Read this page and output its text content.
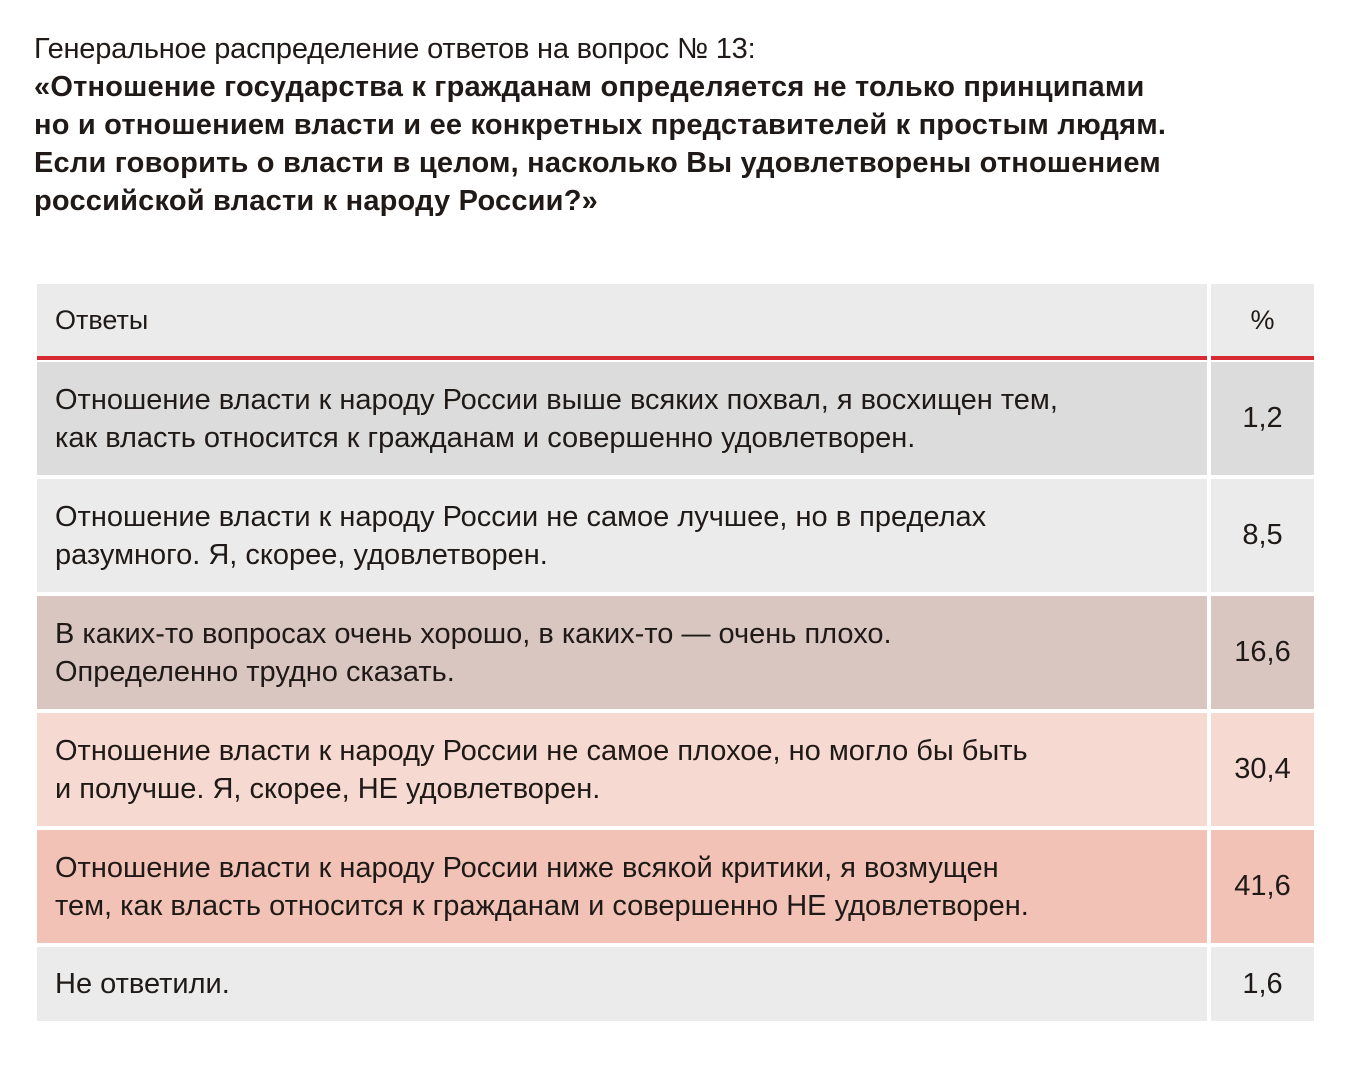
Генеральное распределение ответов на вопрос № 13:
«Отношение государства к гражданам определяется не только принципами
но и отношением власти и ее конкретных представителей к простым людям.
Если говорить о власти в целом, насколько Вы удовлетворены отношением
российской власти к народу России?»
Ответы	%
Отношение власти к народу России выше всяких похвал, я восхищен тем,
как власть относится к гражданам и совершенно удовлетворен.
1,2
Отношение власти к народу России не самое лучшее, но в пределах
разумного. Я, скорее, удовлетворен.
8,5
В каких-то вопросах очень хорошо, в каких-то — очень плохо.
Определенно трудно сказать.
16,6
Отношение власти к народу России не самое плохое, но могло бы быть
и получше. Я, скорее, НЕ удовлетворен.
30,4
Отношение власти к народу России ниже всякой критики, я возмущен
тем, как власть относится к гражданам и совершенно НЕ удовлетворен.
41,6
Не ответили.	1,6
